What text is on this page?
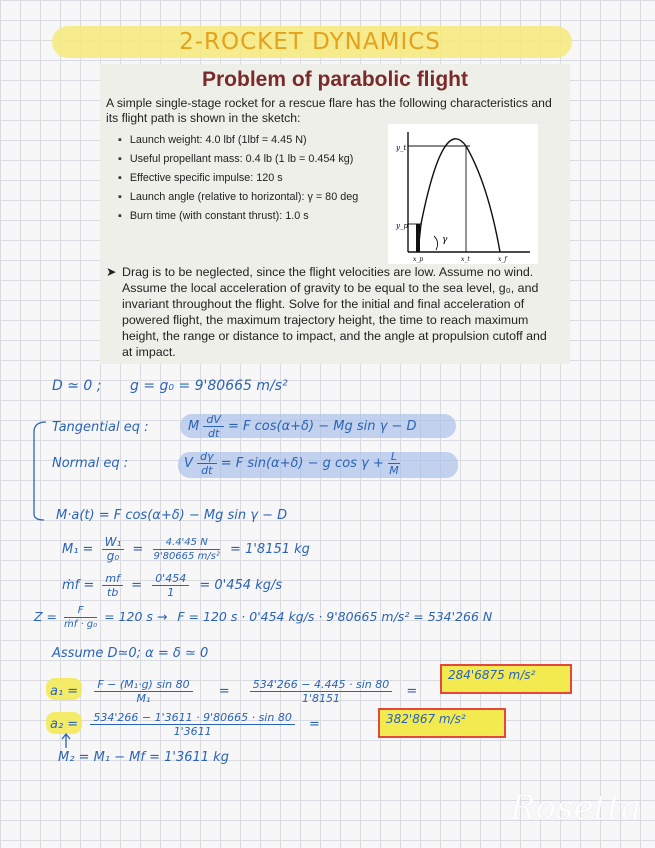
2-ROCKET DYNAMICS
Problem of parabolic flight
A simple single-stage rocket for a rescue flare has the following characteristics and its flight path is shown in the sketch:
▪ Launch weight: 4.0 lbf (1lbf = 4.45 N)
▪ Useful propellant mass: 0.4 lb (1 lb = 0.454 kg)
▪ Effective specific impulse: 120 s
▪ Launch angle (relative to horizontal): γ = 80 deg
▪ Burn time (with constant thrust): 1.0 s
➤ Drag is to be neglected, since the flight velocities are low. Assume no wind. Assume the local acceleration of gravity to be equal to the sea level, g₀, and invariant throughout the flight. Solve for the initial and final acceleration of powered flight, the maximum trajectory height, the time to reach maximum height, the range or distance to impact, and the angle at propulsion cutoff and at impact.
y_t
y_p
x_p	x_t	x_f
γ
D ≃ 0 ; g = g₀ = 9'80665 m/s²
Tangential eq :	M $\frac{dV}{dt} = F$ cos(α+δ) − Mg sin γ − D
Normal eq :	V $\frac{d\gamma}{dt} = F$ sin(α+δ) − g $\cos \gamma + \frac{L}{M}$
M·a(t) = F cos(α+δ) − Mg sin γ − D
$M_1 = \frac{\text{W₁}}{\text{g₀}} = \frac{4.4'45 N}{\text{9'80665 m/s²}} = 1'8151$ kg
ṁf = $\frac{mf}{tb} = \frac{0'454}{1} = 0'454$ kg/s
$Z = \frac{F}{\text{ṁf · g₀}} = 120$ s → F = 120 s · 0'454 kg/s · 9'80665 m/s² = 534'266 N
Assume D≃0; α = δ ≃ 0
$a_1 = \frac{\text{F − (M₁·g) sin 80}}{\text{M₁}} = \frac{534'266 - 4.445 \cdot \sin 80}{1'8151}$ =
284'6875 m/s²
$a_2 = \frac{534'266 - 1'3611 \cdot 9'80665 \cdot \sin 80}{1'3611}$ =	382'867 m/s²
M₂ = M₁ − Mf = 1'3611 kg
Rosetta
